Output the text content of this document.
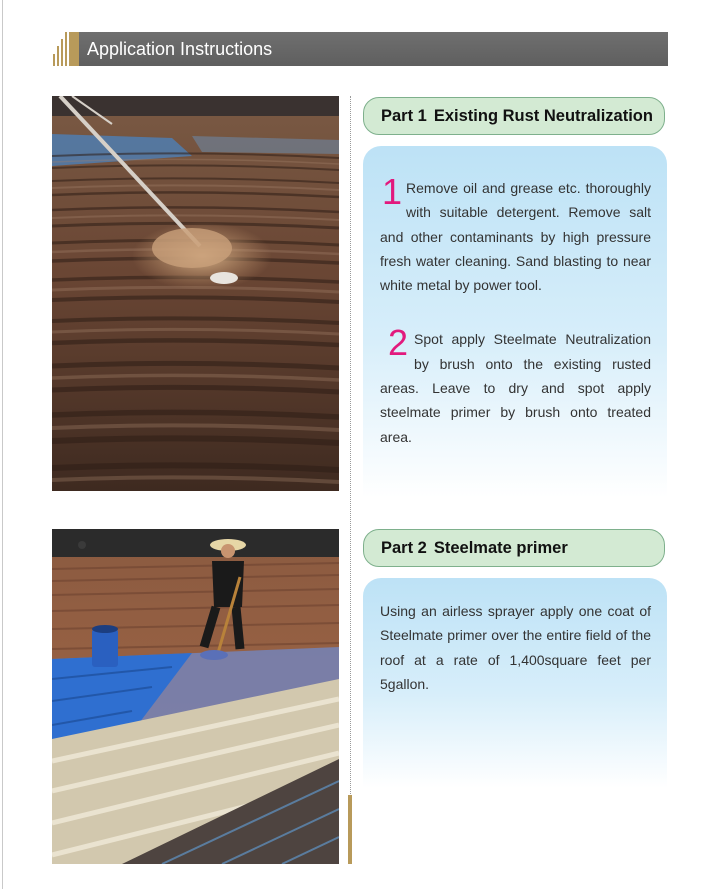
Application Instructions
Part 1 Existing Rust Neutralization
1 Remove oil and grease etc. thoroughly with suitable detergent. Remove salt and other contaminants by high pressure fresh water cleaning. Sand blasting to near white metal by power tool.
2 Spot apply Steelmate Neutralization by brush onto the existing rusted areas. Leave to dry and spot apply steelmate primer by brush onto treated area.
Part 2 Steelmate primer

Using an airless sprayer apply one coat of Steelmate primer over the entire field of the roof at a rate of 1,400square feet per 5gallon.
